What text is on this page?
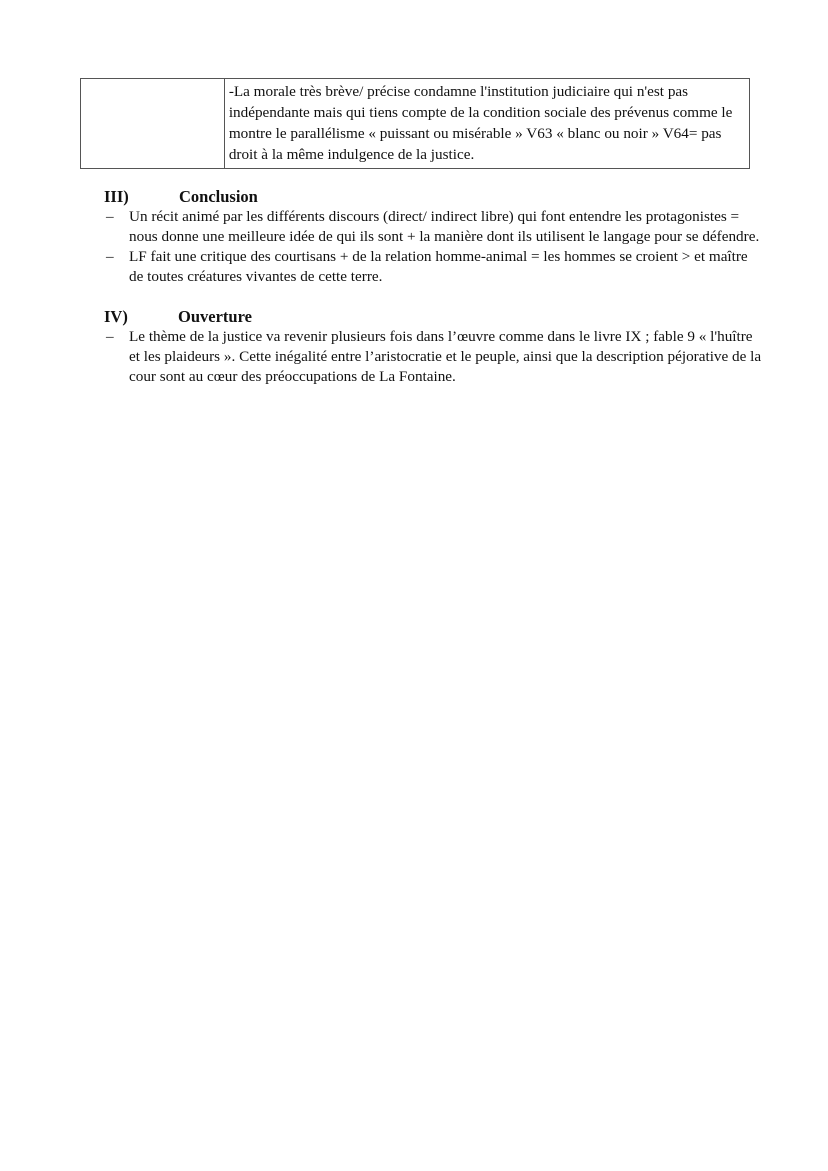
	-La morale très brève/ précise condamne l'institution judiciaire qui n'est pas indépendante mais qui tiens compte de la condition sociale des prévenus comme le montre le parallélisme « puissant ou misérable » V63 « blanc ou noir » V64= pas droit à la même indulgence de la justice.
III)	Conclusion
– Un récit animé par les différents discours (direct/ indirect libre) qui font entendre les protagonistes = nous donne une meilleure idée de qui ils sont + la manière dont ils utilisent le langage pour se défendre.
– LF fait une critique des courtisans + de la relation homme-animal = les hommes se croient > et maître de toutes créatures vivantes de cette terre.
IV)	Ouverture
– Le thème de la justice va revenir plusieurs fois dans l’œuvre comme dans le livre IX ; fable 9 « l'huître et les plaideurs ». Cette inégalité entre l’aristocratie et le peuple, ainsi que la description péjorative de la cour sont au cœur des préoccupations de La Fontaine.
